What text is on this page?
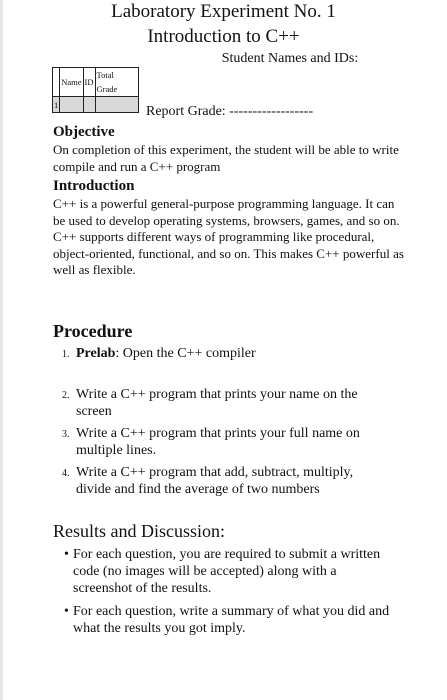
Laboratory Experiment No. 1
Introduction to C++
Student Names and IDs:
	Name	ID	Total Grade
1				Report Grade: ------------------
Objective
On completion of this experiment, the student will be able to write compile and run a C++ program
Introduction
C++ is a powerful general-purpose programming language. It can be used to develop operating systems, browsers, games, and so on. C++ supports different ways of programming like procedural, object-oriented, functional, and so on. This makes C++ powerful as well as flexible.
Procedure
1. Prelab: Open the C++ compiler
2. Write a C++ program that prints your name on the screen
3. Write a C++ program that prints your full name on multiple lines.
4. Write a C++ program that add, subtract, multiply, divide and find the average of two numbers
Results and Discussion:
• For each question, you are required to submit a written code (no images will be accepted) along with a screenshot of the results.
• For each question, write a summary of what you did and what the results you got imply.
